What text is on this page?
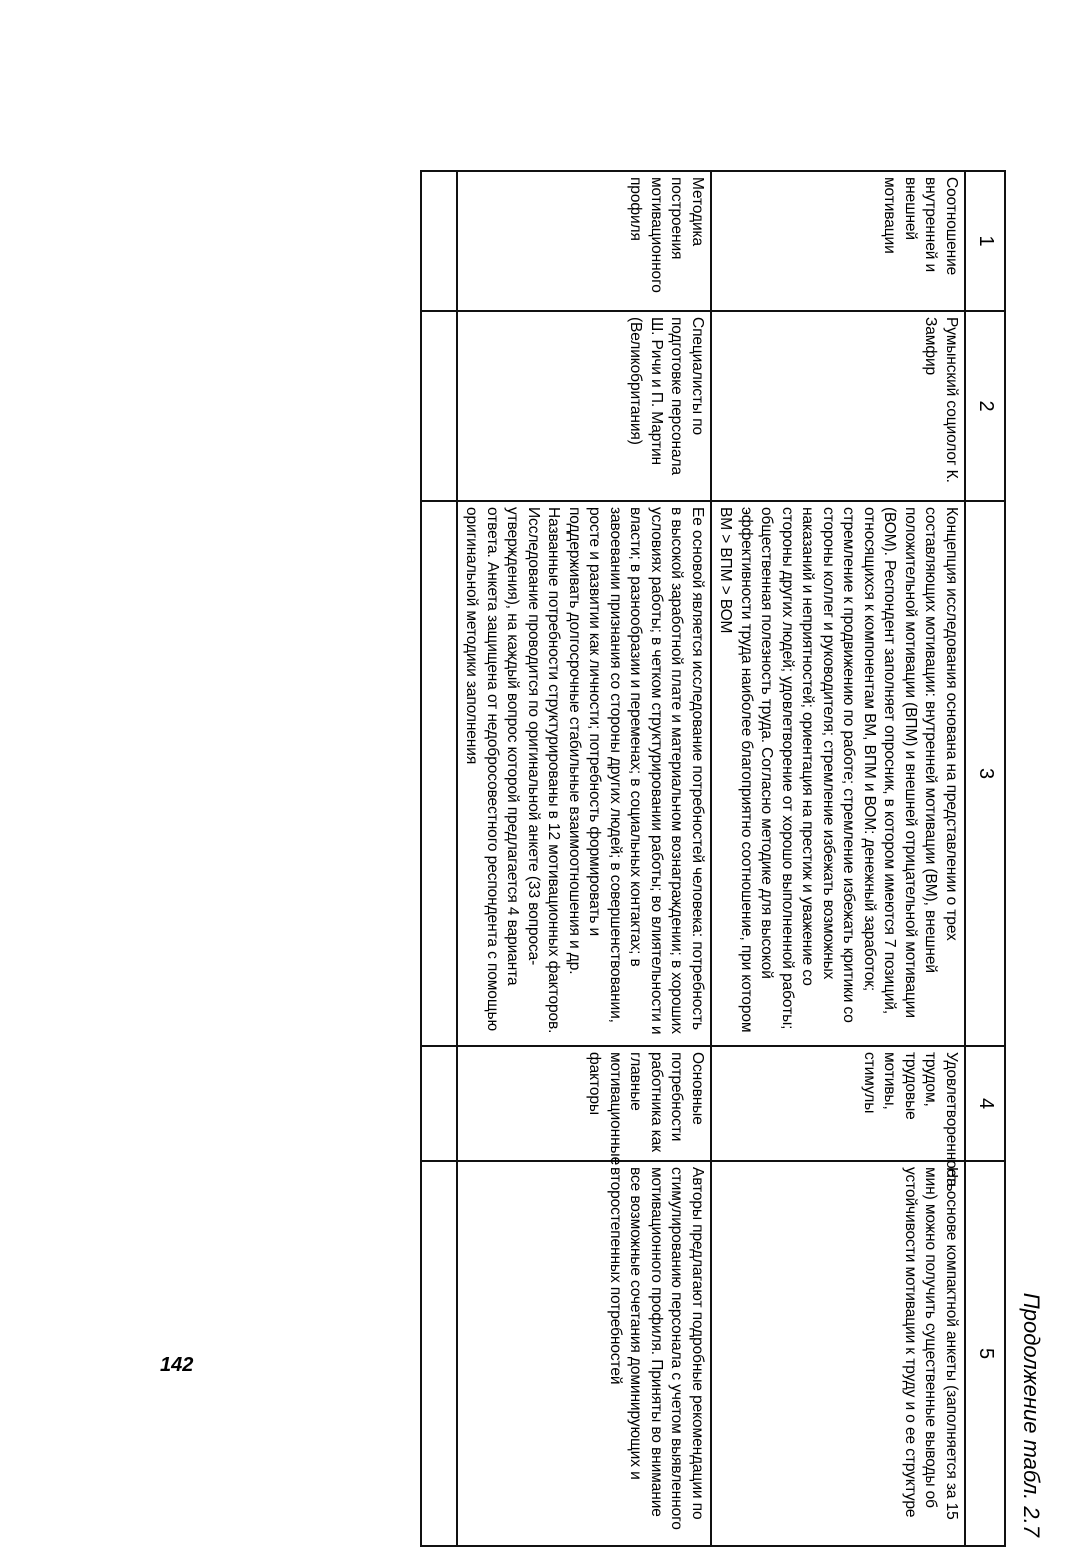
Продолжение табл. 2.7
1	2	3	4	5
Соотношение внутренней и внешней мотивации	Румынский социолог К. Замфир	Концепция исследования основана на представлении о трех составляющих мотивации: внутренней мотивации (ВМ), внешней положительной мотивации (ВПМ) и внешней отрицательной мотивации (ВОМ). Респондент заполняет опросник, в котором имеются 7 позиций, относящихся к компонентам ВМ, ВПМ и ВОМ: денежный заработок; стремление к продвижению по работе; стремление избежать критики со стороны коллег и руководителя; стремление избежать возможных наказаний и неприятностей; ориентация на престиж и уважение со стороны других людей; удовлетворение от хорошо выполненной работы; общественная полезность труда. Согласно методике для высокой эффективности труда наиболее благоприятно соотношение, при котором ВМ > ВПМ > ВОМ	Удовлетворенность трудом, трудовые мотивы, стимулы	На основе компактной анкеты (заполняется за 15 мин) можно получить существенные выводы об устойчивости мотивации к труду и о ее структуре
Методика построения мотивационного профиля	Специалисты по подготовке персонала Ш. Ричи и П. Мартин (Великобритания)	Ее основой является исследование потребностей человека: потребность в высокой заработной плате и материальном вознаграждении; в хороших условиях работы; в четком структурировании работы; во влиятельности и власти; в разнообразии и переменах; в социальных контактах; в завоевании признания со стороны других людей; в совершенствовании, росте и развитии как личности; потребность формировать и поддерживать долгосрочные стабильные взаимоотношения и др. Названные потребности структурированы в 12 мотивационных факторов. Исследование проводится по оригинальной анкете (33 вопроса-утверждения), на каждый вопрос которой предлагается 4 варианта ответа. Анкета защищена от недобросовестного респондента с помощью оригинальной методики заполнения	Основные потребности работника как главные мотивационные факторы	Авторы предлагают подробные рекомендации по стимулированию персонала с учетом выявленного мотивационного профиля. Приняты во внимание все возможные сочетания доминирующих и второстепенных потребностей

142
